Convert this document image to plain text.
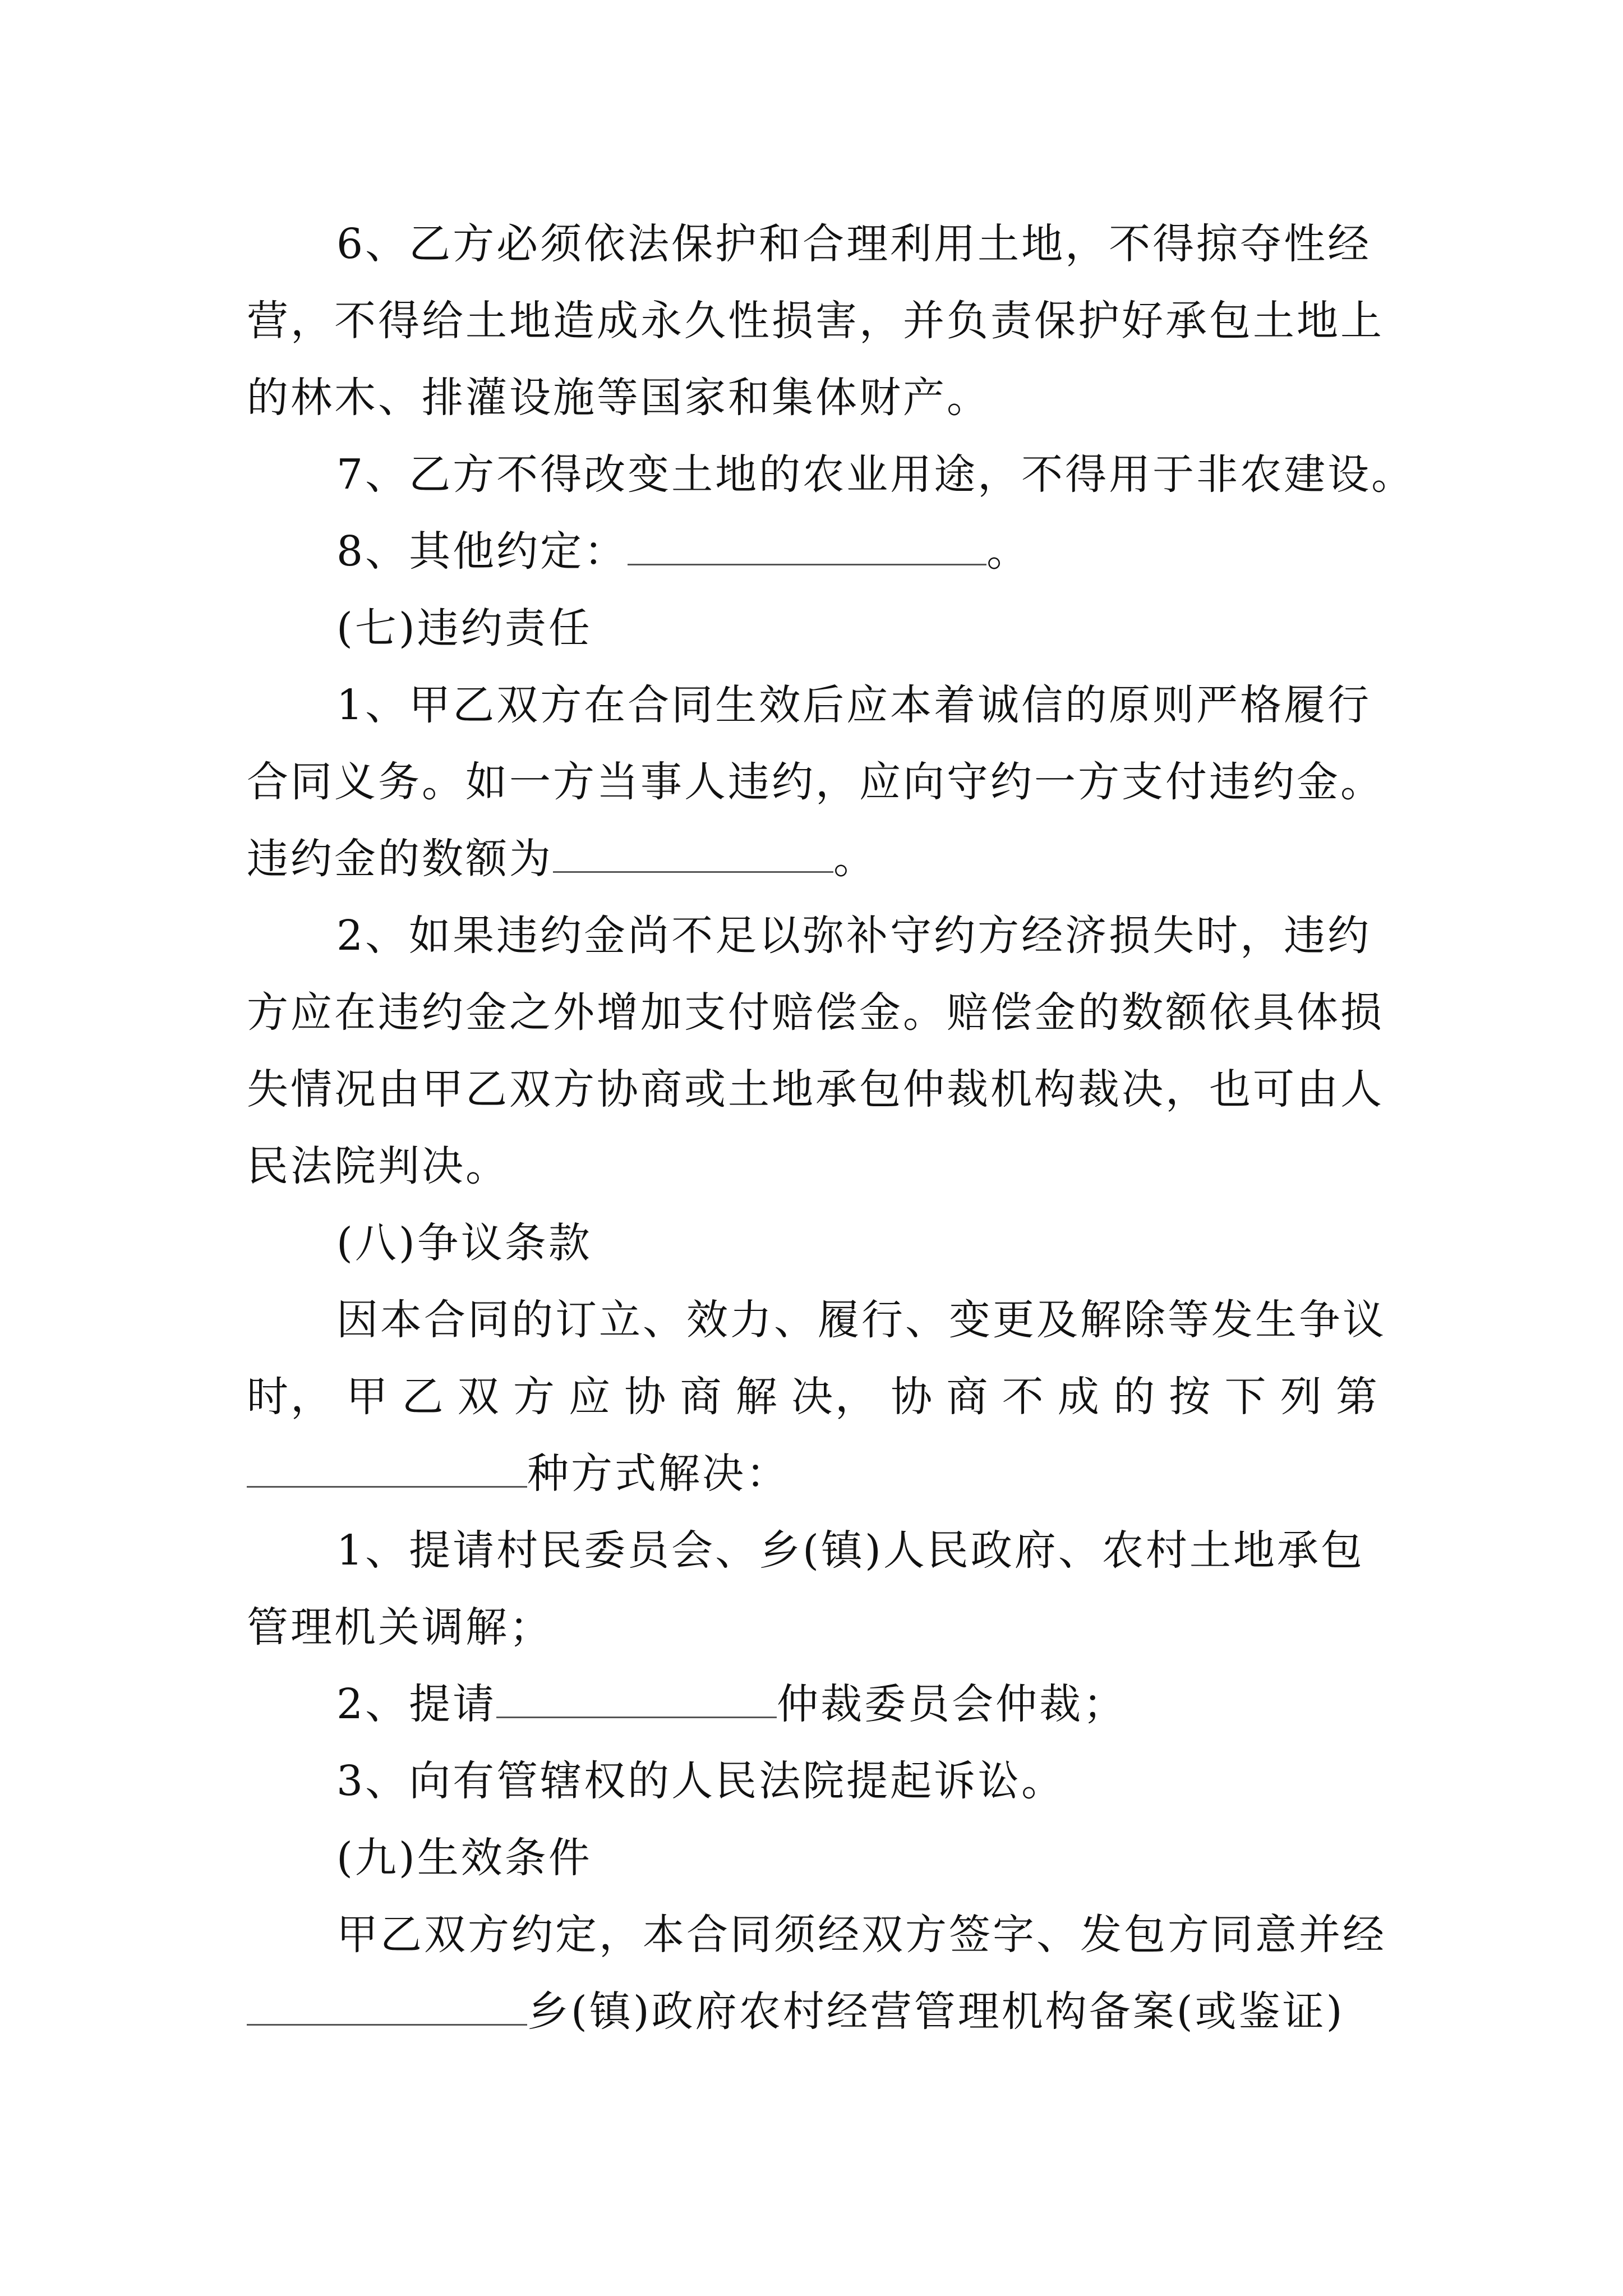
6、乙方必须依法保护和合理利用土地，不得掠夺性经
营，不得给土地造成永久性损害，并负责保护好承包土地上
的林木、排灌设施等国家和集体财产。
7、乙方不得改变土地的农业用途，不得用于非农建设。
8、其他约定：	。
(七)违约责任
1、甲乙双方在合同生效后应本着诚信的原则严格履行
合同义务。如一方当事人违约，应向守约一方支付违约金。
违约金的数额为	。
2、如果违约金尚不足以弥补守约方经济损失时，违约
方应在违约金之外增加支付赔偿金。赔偿金的数额依具体损
失情况由甲乙双方协商或土地承包仲裁机构裁决，也可由人
民法院判决。
(八)争议条款
因本合同的订立、效力、履行、变更及解除等发生争议
时， 甲 乙 双 方 应 协 商 解 决， 协 商 不 成 的 按 下 列 第
种方式解决：
1、提请村民委员会、乡(镇)人民政府、农村土地承包
管理机关调解；
2、提请	仲裁委员会仲裁；
3、向有管辖权的人民法院提起诉讼。
(九)生效条件
甲乙双方约定，本合同须经双方签字、发包方同意并经
乡(镇)政府农村经营管理机构备案(或鉴证)
